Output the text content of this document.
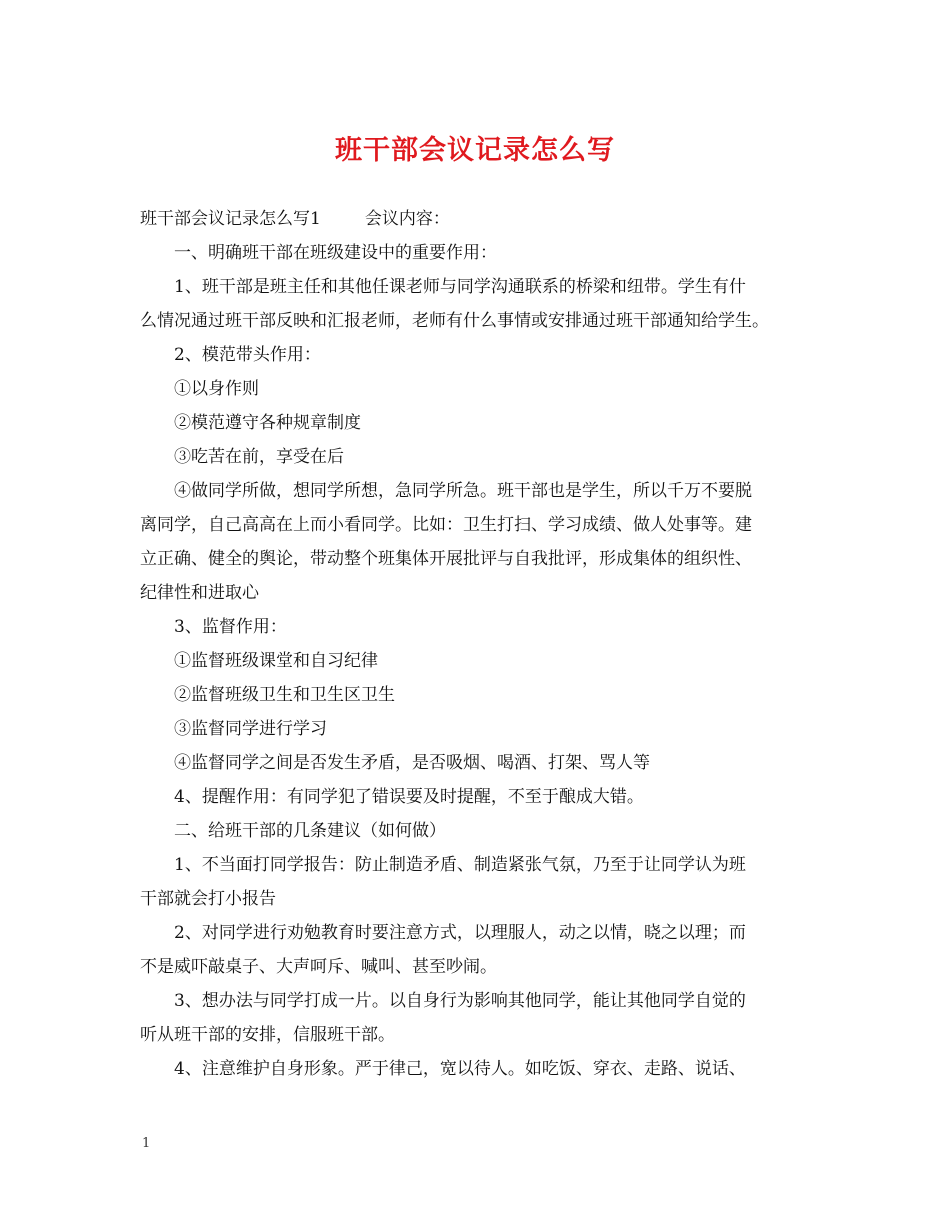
班干部会议记录怎么写

班干部会议记录怎么写1	会议内容：

一、明确班干部在班级建设中的重要作用：

1、班干部是班主任和其他任课老师与同学沟通联系的桥梁和纽带。学生有什

么情况通过班干部反映和汇报老师，老师有什么事情或安排通过班干部通知给学生。

2、模范带头作用：

①以身作则

②模范遵守各种规章制度

③吃苦在前，享受在后

④做同学所做，想同学所想，急同学所急。班干部也是学生，所以千万不要脱

离同学，自己高高在上而小看同学。比如：卫生打扫、学习成绩、做人处事等。建

立正确、健全的舆论，带动整个班集体开展批评与自我批评，形成集体的组织性、

纪律性和进取心

3、监督作用：

①监督班级课堂和自习纪律

②监督班级卫生和卫生区卫生

③监督同学进行学习

④监督同学之间是否发生矛盾，是否吸烟、喝酒、打架、骂人等

4、提醒作用：有同学犯了错误要及时提醒，不至于酿成大错。

二、给班干部的几条建议（如何做）

1、不当面打同学报告：防止制造矛盾、制造紧张气氛，乃至于让同学认为班

干部就会打小报告

2、对同学进行劝勉教育时要注意方式，以理服人，动之以情，晓之以理；而

不是威吓敲桌子、大声呵斥、喊叫、甚至吵闹。

3、想办法与同学打成一片。以自身行为影响其他同学，能让其他同学自觉的

听从班干部的安排，信服班干部。

4、注意维护自身形象。严于律己，宽以待人。如吃饭、穿衣、走路、说话、

1
